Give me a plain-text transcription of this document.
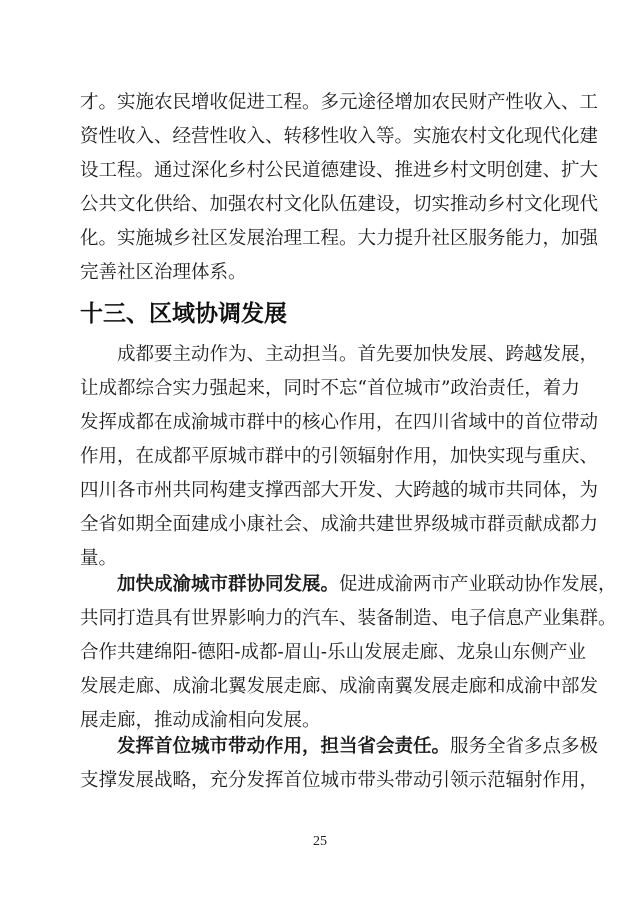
才。实施农民增收促进工程。多元途径增加农民财产性收入、工
资性收入、经营性收入、转移性收入等。实施农村文化现代化建
设工程。通过深化乡村公民道德建设、推进乡村文明创建、扩大
公共文化供给、加强农村文化队伍建设，切实推动乡村文化现代
化。实施城乡社区发展治理工程。大力提升社区服务能力，加强
完善社区治理体系。
十三、区域协调发展
成都要主动作为、主动担当。首先要加快发展、跨越发展，
让成都综合实力强起来，同时不忘“首位城市”政治责任，着力
发挥成都在成渝城市群中的核心作用，在四川省域中的首位带动
作用，在成都平原城市群中的引领辐射作用，加快实现与重庆、
四川各市州共同构建支撑西部大开发、大跨越的城市共同体，为
全省如期全面建成小康社会、成渝共建世界级城市群贡献成都力
量。
加快成渝城市群协同发展。促进成渝两市产业联动协作发展，
共同打造具有世界影响力的汽车、装备制造、电子信息产业集群。
合作共建绵阳-德阳-成都-眉山-乐山发展走廊、龙泉山东侧产业
发展走廊、成渝北翼发展走廊、成渝南翼发展走廊和成渝中部发
展走廊，推动成渝相向发展。
发挥首位城市带动作用，担当省会责任。服务全省多点多极
支撑发展战略，充分发挥首位城市带头带动引领示范辐射作用，
25
